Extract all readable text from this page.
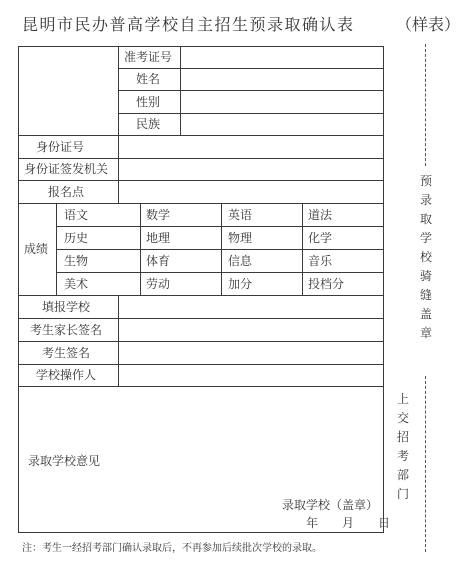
昆明市民办普高学校自主招生预录取确认表	（样表）
准考证号
姓名
性别
民族
身份证号
身份证签发机关
报名点
成绩
语文	数学	英语	道法
历史	地理	物理	化学
生物	体育	信息	音乐
美术	劳动	加分	投档分
填报学校
考生家长签名
考生签名
学校操作人
录取学校意见
录取学校（盖章）
年　　月　　日
预录取学校骑缝盖章
上交招考部门
注：考生一经招考部门确认录取后，不再参加后续批次学校的录取。
